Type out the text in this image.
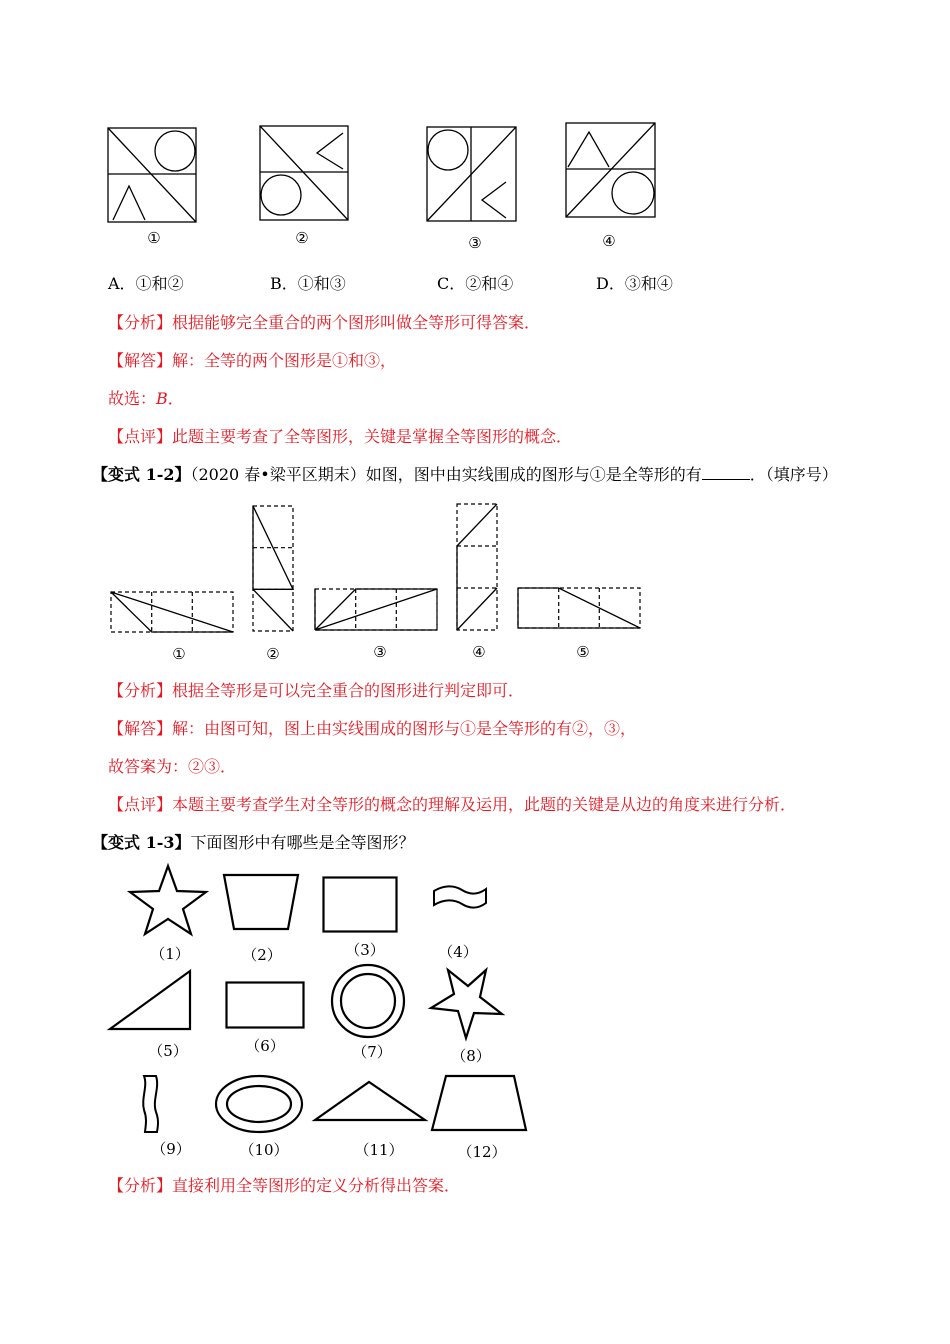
①	②	③	④
A．①和②	B．①和③	C．②和④	D．③和④
【分析】根据能够完全重合的两个图形叫做全等形可得答案．
【解答】解：全等的两个图形是①和③，
故选：B．
【点评】此题主要考查了全等图形，关键是掌握全等图形的概念．
【变式 1-2】（2020 春•梁平区期末）如图，图中由实线围成的图形与①是全等形的有	．（填序号）
①	②	③	④	⑤
【分析】根据全等形是可以完全重合的图形进行判定即可．
【解答】解：由图可知，图上由实线围成的图形与①是全等形的有②，③，
故答案为：②③．
【点评】本题主要考查学生对全等形的概念的理解及运用，此题的关键是从边的角度来进行分析．
【变式 1-3】下面图形中有哪些是全等图形？
（1）	（2）	（3）	（4）
（5）	（6）	（7）	（8）
（9）	（10）	（11）	（12）
【分析】直接利用全等图形的定义分析得出答案．
